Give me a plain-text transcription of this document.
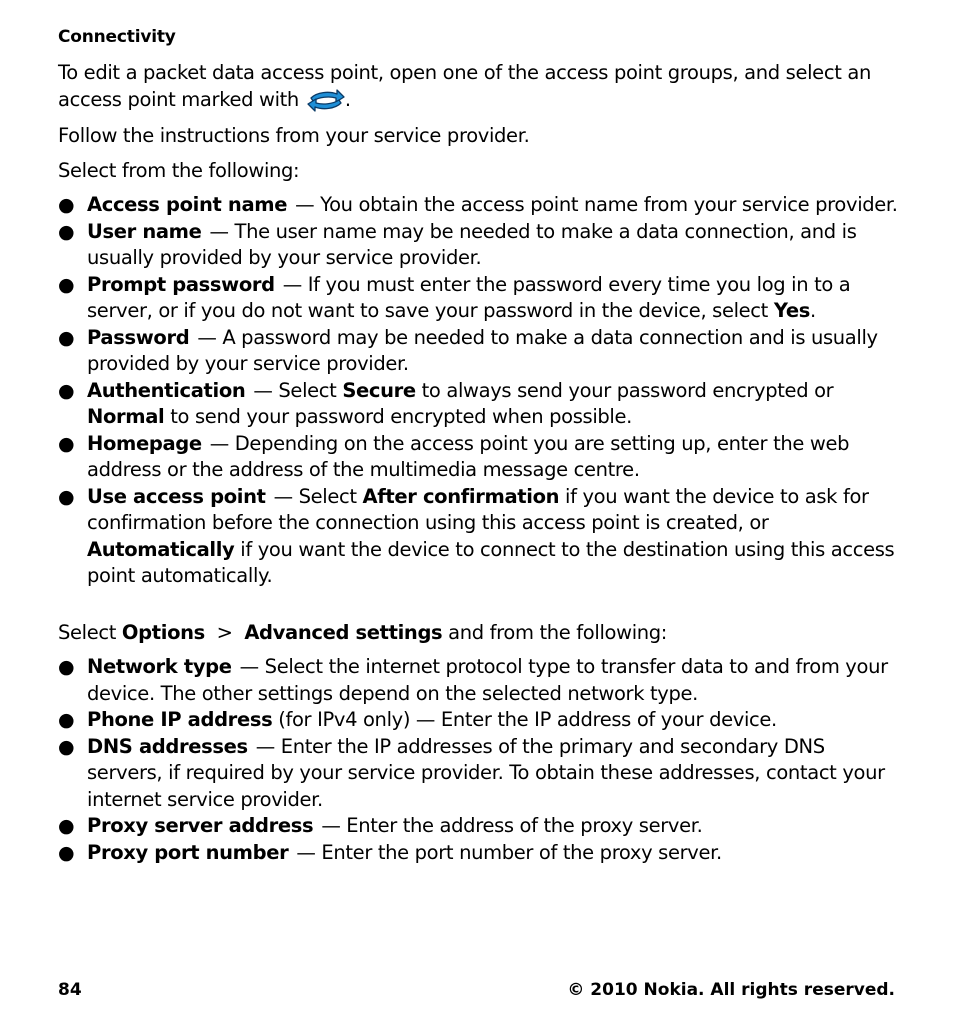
Connectivity

To edit a packet data access point, open one of the access point groups, and select an access point marked with .

Follow the instructions from your service provider.

Select from the following:

● Access point name — You obtain the access point name from your service provider.
● User name — The user name may be needed to make a data connection, and is usually provided by your service provider.
● Prompt password — If you must enter the password every time you log in to a server, or if you do not want to save your password in the device, select Yes.
● Password — A password may be needed to make a data connection and is usually provided by your service provider.
● Authentication — Select Secure to always send your password encrypted or Normal to send your password encrypted when possible.
● Homepage — Depending on the access point you are setting up, enter the web address or the address of the multimedia message centre.
● Use access point — Select After confirmation if you want the device to ask for confirmation before the connection using this access point is created, or Automatically if you want the device to connect to the destination using this access point automatically.

Select Options > Advanced settings and from the following:

● Network type — Select the internet protocol type to transfer data to and from your device. The other settings depend on the selected network type.
● Phone IP address (for IPv4 only) — Enter the IP address of your device.
● DNS addresses — Enter the IP addresses of the primary and secondary DNS servers, if required by your service provider. To obtain these addresses, contact your internet service provider.
● Proxy server address — Enter the address of the proxy server.
● Proxy port number — Enter the port number of the proxy server.
84	© 2010 Nokia. All rights reserved.
